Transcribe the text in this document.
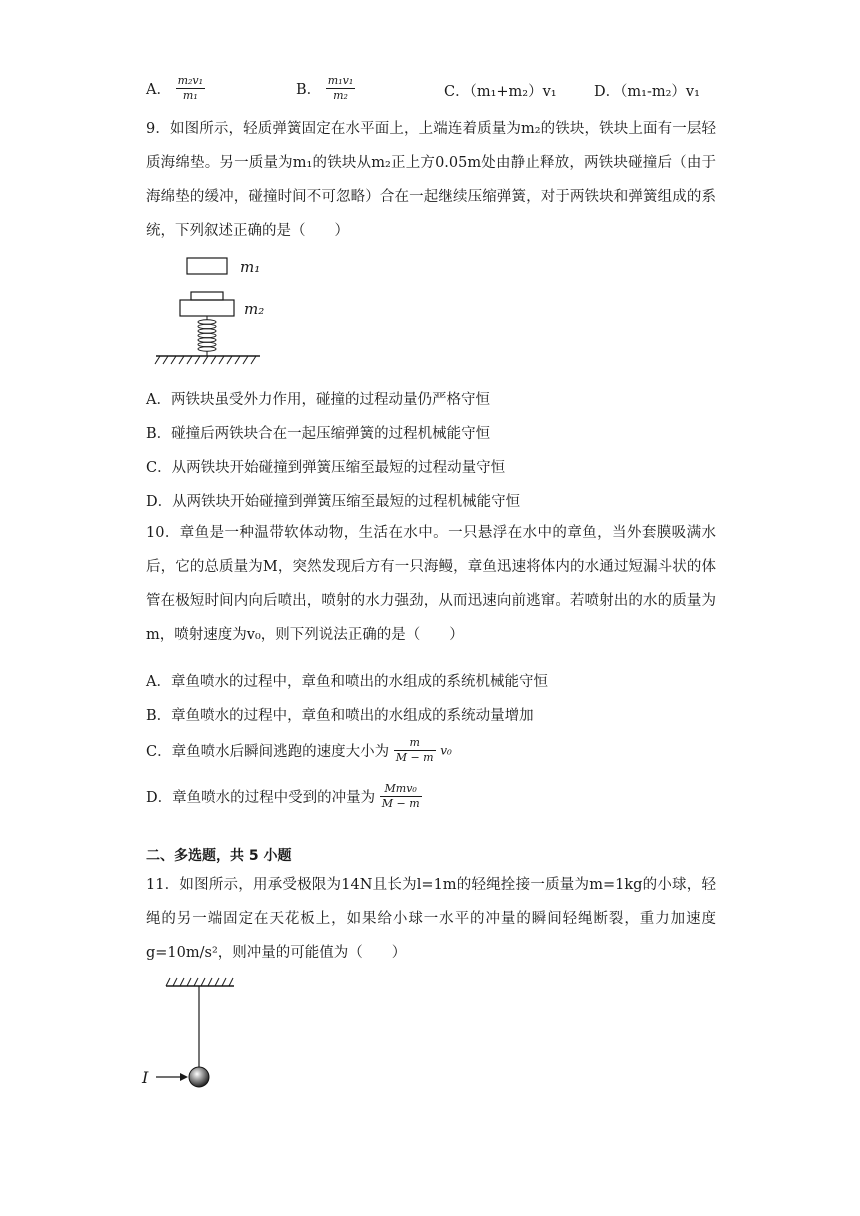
A． $\frac{\text{m₂v₁}}{\text{m₁}}$	B． $\frac{\text{m₁v₁}}{\text{m₂}}$	C．（m₁+m₂）v₁	D．（m₁-m₂）v₁
9．如图所示，轻质弹簧固定在水平面上，上端连着质量为m₂的铁块，铁块上面有一层轻质海绵垫。另一质量为m₁的铁块从m₂正上方0.05m处由静止释放，两铁块碰撞后（由于海绵垫的缓冲，碰撞时间不可忽略）合在一起继续压缩弹簧，对于两铁块和弹簧组成的系统，下列叙述正确的是（　　）
m₁
m₂
A．两铁块虽受外力作用，碰撞的过程动量仍严格守恒
B．碰撞后两铁块合在一起压缩弹簧的过程机械能守恒
C．从两铁块开始碰撞到弹簧压缩至最短的过程动量守恒
D．从两铁块开始碰撞到弹簧压缩至最短的过程机械能守恒
10．章鱼是一种温带软体动物，生活在水中。一只悬浮在水中的章鱼，当外套膜吸满水后，它的总质量为M，突然发现后方有一只海鳗，章鱼迅速将体内的水通过短漏斗状的体管在极短时间内向后喷出，喷射的水力强劲，从而迅速向前逃窜。若喷射出的水的质量为m，喷射速度为v₀，则下列说法正确的是（　　）
A．章鱼喷水的过程中，章鱼和喷出的水组成的系统机械能守恒
B．章鱼喷水的过程中，章鱼和喷出的水组成的系统动量增加
C．章鱼喷水后瞬间逃跑的速度大小为 $\frac{m}{M - m} v_0$
D．章鱼喷水的过程中受到的冲量为 $\frac{\text{Mmv₀}}{M - m}$
二、多选题，共 5 小题
11．如图所示，用承受极限为14N且长为l=1m的轻绳拴接一质量为m=1kg的小球，轻绳的另一端固定在天花板上，如果给小球一水平的冲量的瞬间轻绳断裂，重力加速度g=10m/s²，则冲量的可能值为（　　）
I
